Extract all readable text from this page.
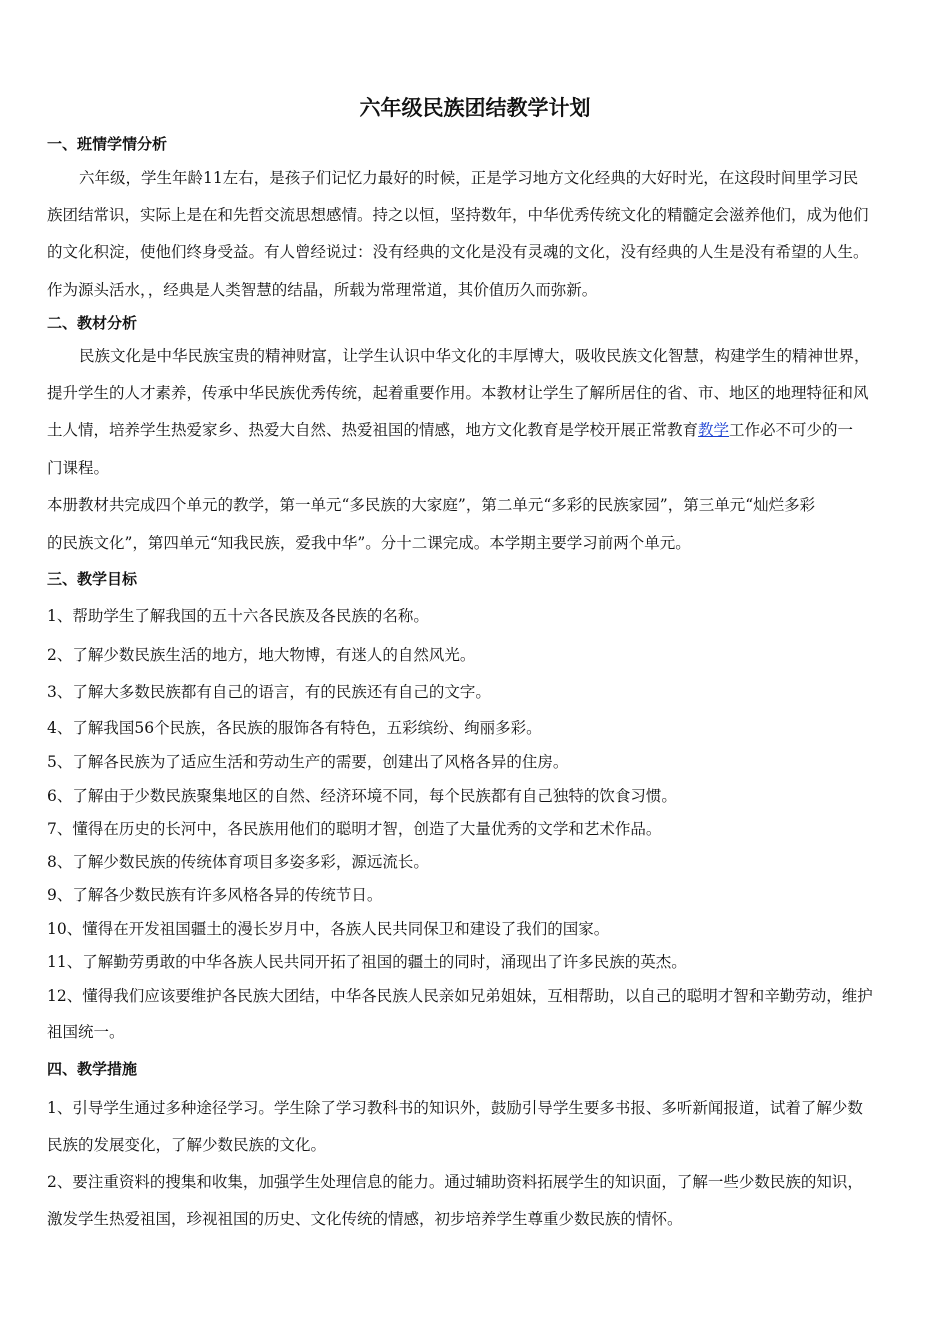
六年级民族团结教学计划
一、班情学情分析
六年级，学生年龄11左右，是孩子们记忆力最好的时候，正是学习地方文化经典的大好时光，在这段时间里学习民
族团结常识，实际上是在和先哲交流思想感情。持之以恒，坚持数年，中华优秀传统文化的精髓定会滋养他们，成为他们
的文化积淀，使他们终身受益。有人曾经说过：没有经典的文化是没有灵魂的文化，没有经典的人生是没有希望的人生。
作为源头活水，，经典是人类智慧的结晶，所载为常理常道，其价值历久而弥新。
二、教材分析
民族文化是中华民族宝贵的精神财富，让学生认识中华文化的丰厚博大，吸收民族文化智慧，构建学生的精神世界，
提升学生的人才素养，传承中华民族优秀传统，起着重要作用。本教材让学生了解所居住的省、市、地区的地理特征和风
土人情，培养学生热爱家乡、热爱大自然、热爱祖国的情感，地方文化教育是学校开展正常教育教学工作必不可少的一
门课程。
本册教材共完成四个单元的教学，第一单元“多民族的大家庭”，第二单元“多彩的民族家园”，第三单元“灿烂多彩
的民族文化”，第四单元“知我民族，爱我中华”。分十二课完成。本学期主要学习前两个单元。
三、教学目标
1、帮助学生了解我国的五十六各民族及各民族的名称。
2、了解少数民族生活的地方，地大物博，有迷人的自然风光。
3、了解大多数民族都有自己的语言，有的民族还有自己的文字。
4、了解我国56个民族，各民族的服饰各有特色，五彩缤纷、绚丽多彩。
5、了解各民族为了适应生活和劳动生产的需要，创建出了风格各异的住房。
6、了解由于少数民族聚集地区的自然、经济环境不同，每个民族都有自己独特的饮食习惯。
7、懂得在历史的长河中，各民族用他们的聪明才智，创造了大量优秀的文学和艺术作品。
8、了解少数民族的传统体育项目多姿多彩，源远流长。
9、了解各少数民族有许多风格各异的传统节日。
10、懂得在开发祖国疆土的漫长岁月中，各族人民共同保卫和建设了我们的国家。
11、了解勤劳勇敢的中华各族人民共同开拓了祖国的疆土的同时，涌现出了许多民族的英杰。
12、懂得我们应该要维护各民族大团结，中华各民族人民亲如兄弟姐妹，互相帮助，以自己的聪明才智和辛勤劳动，维护
祖国统一。
四、教学措施
1、引导学生通过多种途径学习。学生除了学习教科书的知识外，鼓励引导学生要多书报、多听新闻报道，试着了解少数
民族的发展变化，了解少数民族的文化。
2、要注重资料的搜集和收集，加强学生处理信息的能力。通过辅助资料拓展学生的知识面，了解一些少数民族的知识，
激发学生热爱祖国，珍视祖国的历史、文化传统的情感，初步培养学生尊重少数民族的情怀。
